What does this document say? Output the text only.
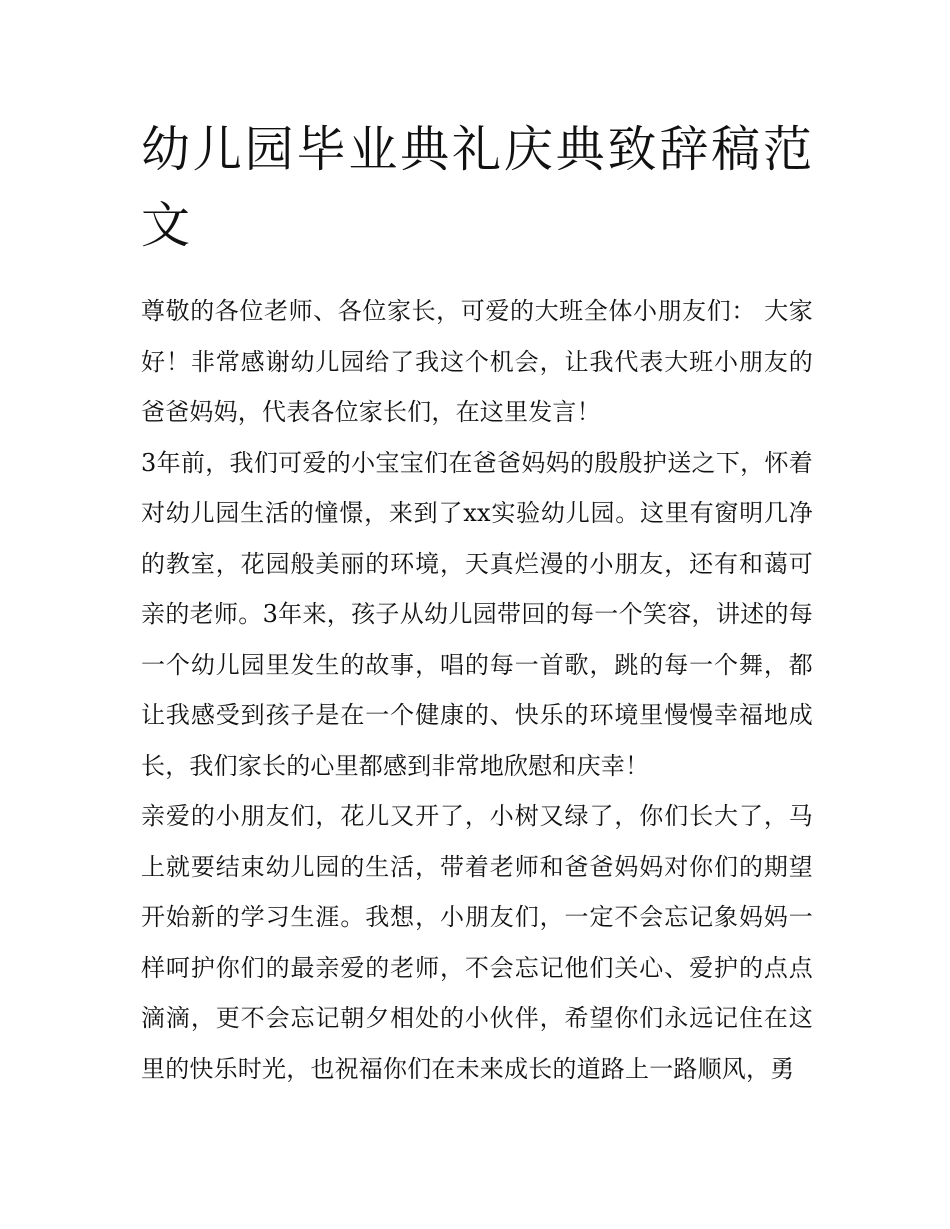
幼儿园毕业典礼庆典致辞稿范文

尊敬的各位老师、各位家长，可爱的大班全体小朋友们： 大家好！非常感谢幼儿园给了我这个机会，让我代表大班小朋友的爸爸妈妈，代表各位家长们，在这里发言！

3年前，我们可爱的小宝宝们在爸爸妈妈的殷殷护送之下，怀着对幼儿园生活的憧憬，来到了xx实验幼儿园。这里有窗明几净的教室，花园般美丽的环境，天真烂漫的小朋友，还有和蔼可亲的老师。3年来，孩子从幼儿园带回的每一个笑容，讲述的每一个幼儿园里发生的故事，唱的每一首歌，跳的每一个舞，都让我感受到孩子是在一个健康的、快乐的环境里慢慢幸福地成长，我们家长的心里都感到非常地欣慰和庆幸！

亲爱的小朋友们，花儿又开了，小树又绿了，你们长大了，马上就要结束幼儿园的生活，带着老师和爸爸妈妈对你们的期望开始新的学习生涯。我想，小朋友们，一定不会忘记象妈妈一样呵护你们的最亲爱的老师，不会忘记他们关心、爱护的点点滴滴，更不会忘记朝夕相处的小伙伴，希望你们永远记住在这里的快乐时光，也祝福你们在未来成长的道路上一路顺风，勇
